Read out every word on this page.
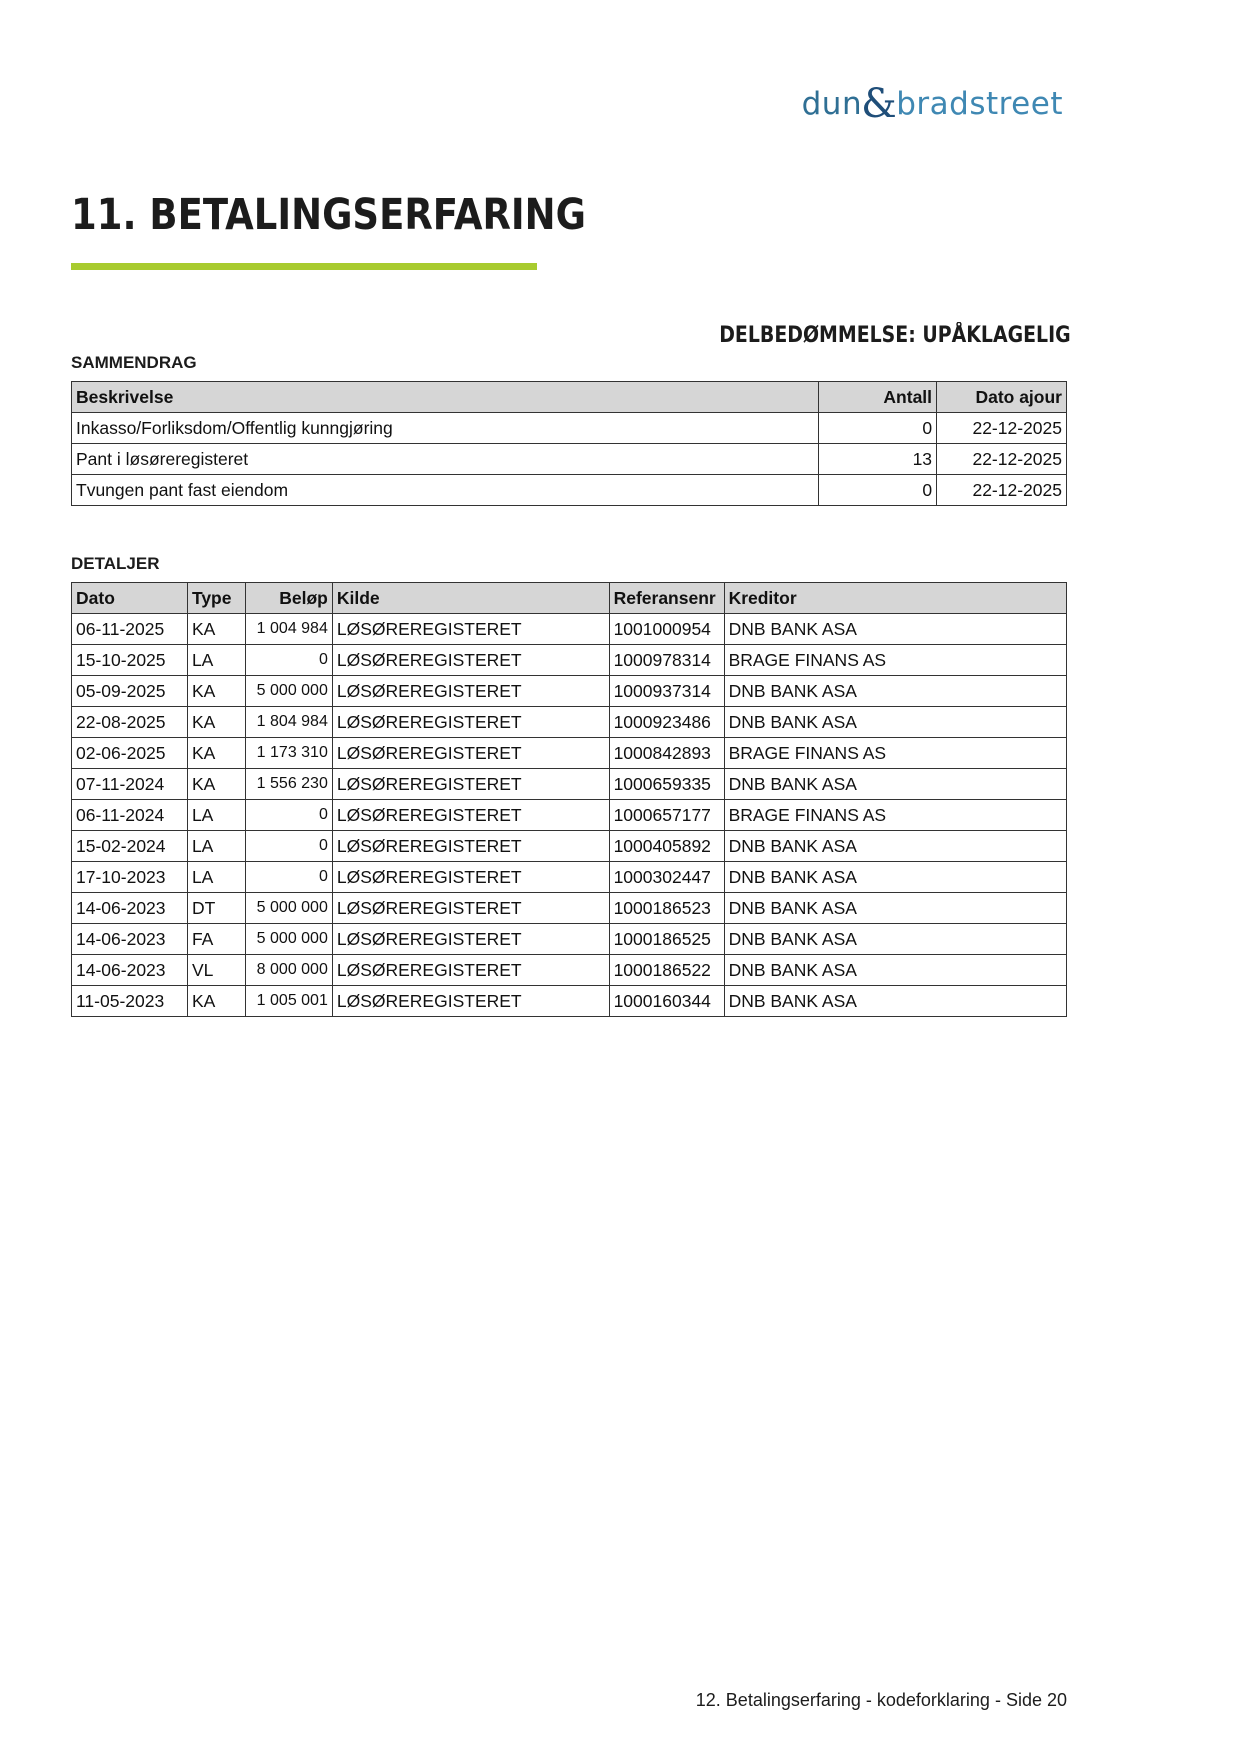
dun & bradstreet
11. BETALINGSERFARING
DELBEDØMMELSE: UPÅKLAGELIG
SAMMENDRAG
Beskrivelse	Antall	Dato ajour
Inkasso/Forliksdom/Offentlig kunngjøring	0	22-12-2025
Pant i løsøreregisteret	13	22-12-2025
Tvungen pant fast eiendom	0	22-12-2025
DETALJER
Dato	Type	Beløp	Kilde	Referansenr	Kreditor
06-11-2025	KA	1 004 984	LØSØREREGISTERET	1001000954	DNB BANK ASA
15-10-2025	LA	0	LØSØREREGISTERET	1000978314	BRAGE FINANS AS
05-09-2025	KA	5 000 000	LØSØREREGISTERET	1000937314	DNB BANK ASA
22-08-2025	KA	1 804 984	LØSØREREGISTERET	1000923486	DNB BANK ASA
02-06-2025	KA	1 173 310	LØSØREREGISTERET	1000842893	BRAGE FINANS AS
07-11-2024	KA	1 556 230	LØSØREREGISTERET	1000659335	DNB BANK ASA
06-11-2024	LA	0	LØSØREREGISTERET	1000657177	BRAGE FINANS AS
15-02-2024	LA	0	LØSØREREGISTERET	1000405892	DNB BANK ASA
17-10-2023	LA	0	LØSØREREGISTERET	1000302447	DNB BANK ASA
14-06-2023	DT	5 000 000	LØSØREREGISTERET	1000186523	DNB BANK ASA
14-06-2023	FA	5 000 000	LØSØREREGISTERET	1000186525	DNB BANK ASA
14-06-2023	VL	8 000 000	LØSØREREGISTERET	1000186522	DNB BANK ASA
11-05-2023	KA	1 005 001	LØSØREREGISTERET	1000160344	DNB BANK ASA
12. Betalingserfaring - kodeforklaring - Side 20
